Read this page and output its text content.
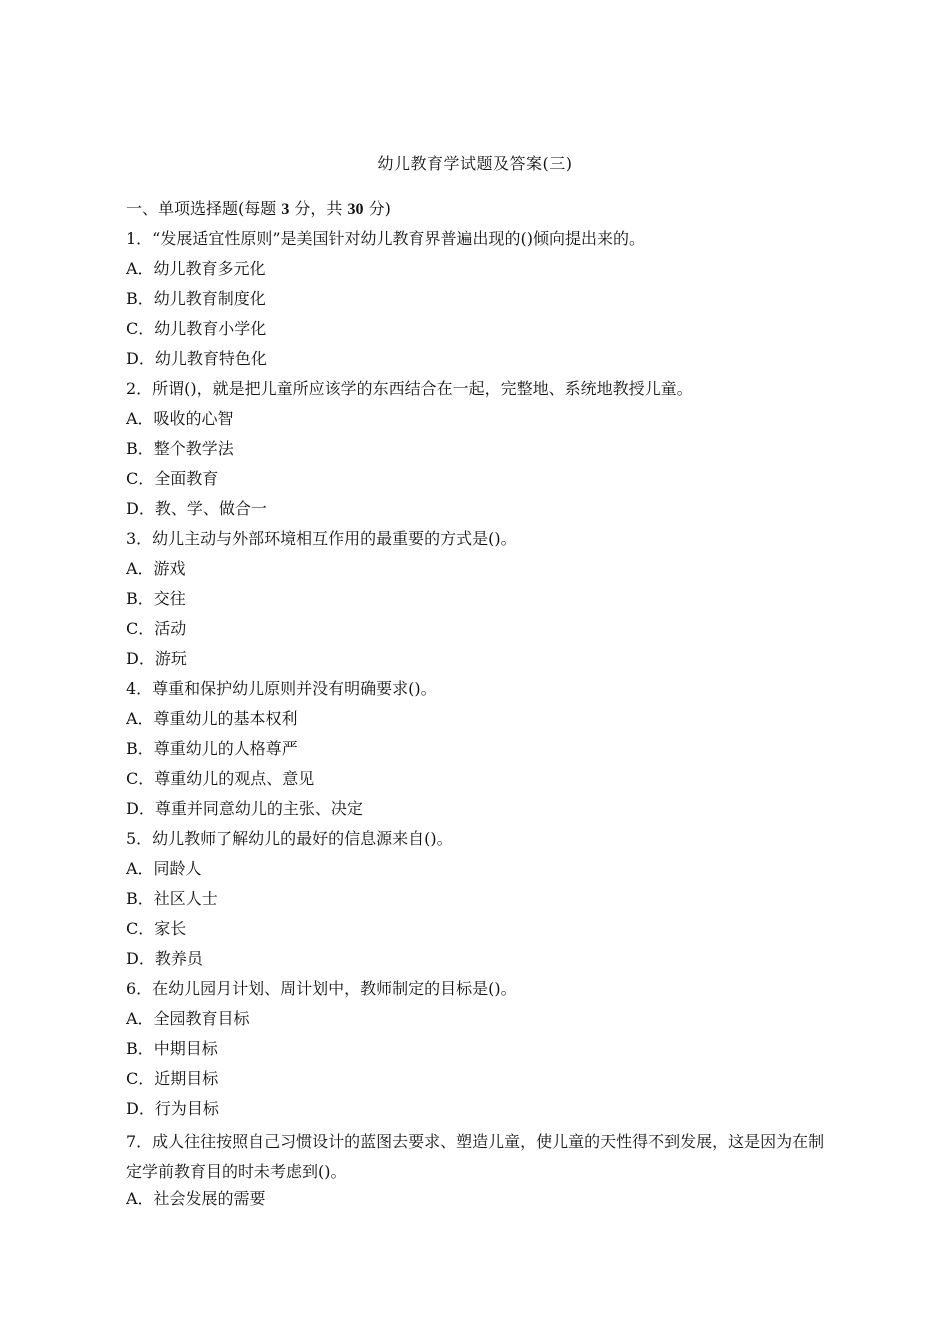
幼儿教育学试题及答案(三)
一、单项选择题(每题 3 分，共 30 分)
1．“发展适宜性原则”是美国针对幼儿教育界普遍出现的()倾向提出来的。
A．幼儿教育多元化
B．幼儿教育制度化
C．幼儿教育小学化
D．幼儿教育特色化
2．所谓()，就是把儿童所应该学的东西结合在一起，完整地、系统地教授儿童。
A．吸收的心智
B．整个教学法
C．全面教育
D．教、学、做合一
3．幼儿主动与外部环境相互作用的最重要的方式是()。
A．游戏
B．交往
C．活动
D．游玩
4．尊重和保护幼儿原则并没有明确要求()。
A．尊重幼儿的基本权利
B．尊重幼儿的人格尊严
C．尊重幼儿的观点、意见
D．尊重并同意幼儿的主张、决定
5．幼儿教师了解幼儿的最好的信息源来自()。
A．同龄人
B．社区人士
C．家长
D．教养员
6．在幼儿园月计划、周计划中，教师制定的目标是()。
A．全园教育目标
B．中期目标
C．近期目标
D．行为目标
7．成人往往按照自己习惯设计的蓝图去要求、塑造儿童，使儿童的天性得不到发展，这是因为在制定学前教育目的时未考虑到()。
A．社会发展的需要
